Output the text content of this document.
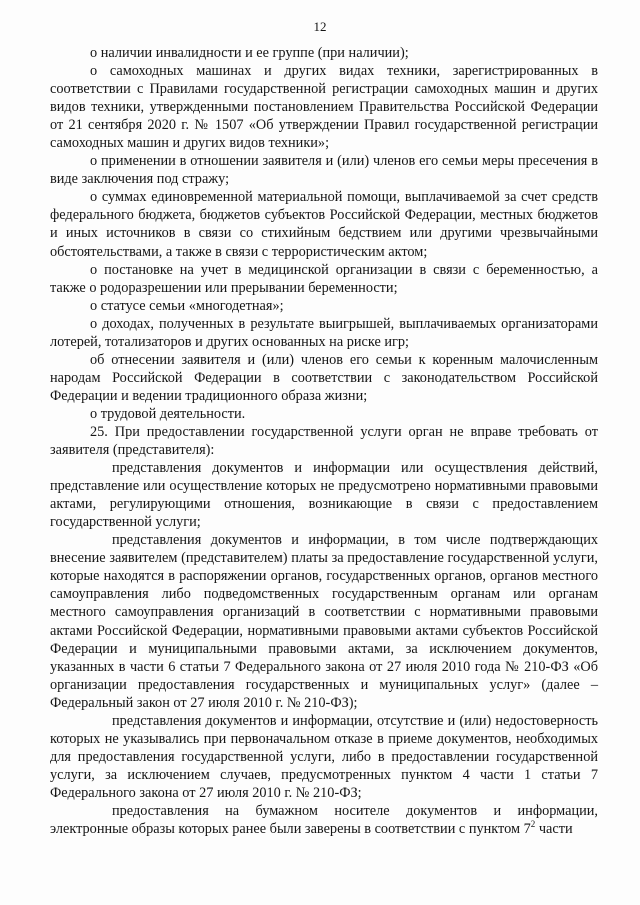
12

о наличии инвалидности и ее группе (при наличии);

о самоходных машинах и других видах техники, зарегистрированных в соответствии с Правилами государственной регистрации самоходных машин и других видов техники, утвержденными постановлением Правительства Российской Федерации от 21 сентября 2020 г. № 1507 «Об утверждении Правил государственной регистрации самоходных машин и других видов техники»;

о применении в отношении заявителя и (или) членов его семьи меры пресечения в виде заключения под стражу;

о суммах единовременной материальной помощи, выплачиваемой за счет средств федерального бюджета, бюджетов субъектов Российской Федерации, местных бюджетов и иных источников в связи со стихийным бедствием или другими чрезвычайными обстоятельствами, а также в связи с террористическим актом;

о постановке на учет в медицинской организации в связи с беременностью, а также о родоразрешении или прерывании беременности;

о статусе семьи «многодетная»;

о доходах, полученных в результате выигрышей, выплачиваемых организаторами лотерей, тотализаторов и других основанных на риске игр;

об отнесении заявителя и (или) членов его семьи к коренным малочисленным народам Российской Федерации в соответствии с законодательством Российской Федерации и ведении традиционного образа жизни;

о трудовой деятельности.

25. При предоставлении государственной услуги орган не вправе требовать от заявителя (представителя):

представления документов и информации или осуществления действий, представление или осуществление которых не предусмотрено нормативными правовыми актами, регулирующими отношения, возникающие в связи с предоставлением государственной услуги;

представления документов и информации, в том числе подтверждающих внесение заявителем (представителем) платы за предоставление государственной услуги, которые находятся в распоряжении органов, государственных органов, органов местного самоуправления либо подведомственных государственным органам или органам местного самоуправления организаций в соответствии с нормативными правовыми актами Российской Федерации, нормативными правовыми актами субъектов Российской Федерации и муниципальными правовыми актами, за исключением документов, указанных в части 6 статьи 7 Федерального закона от 27 июля 2010 года № 210-ФЗ «Об организации предоставления государственных и муниципальных услуг» (далее – Федеральный закон от 27 июля 2010 г. № 210-ФЗ);

представления документов и информации, отсутствие и (или) недостоверность которых не указывались при первоначальном отказе в приеме документов, необходимых для предоставления государственной услуги, либо в предоставлении государственной услуги, за исключением случаев, предусмотренных пунктом 4 части 1 статьи 7 Федерального закона от 27 июля 2010 г. № 210-ФЗ;

предоставления на бумажном носителе документов и информации, электронные образы которых ранее были заверены в соответствии с пунктом $7^2$ части
